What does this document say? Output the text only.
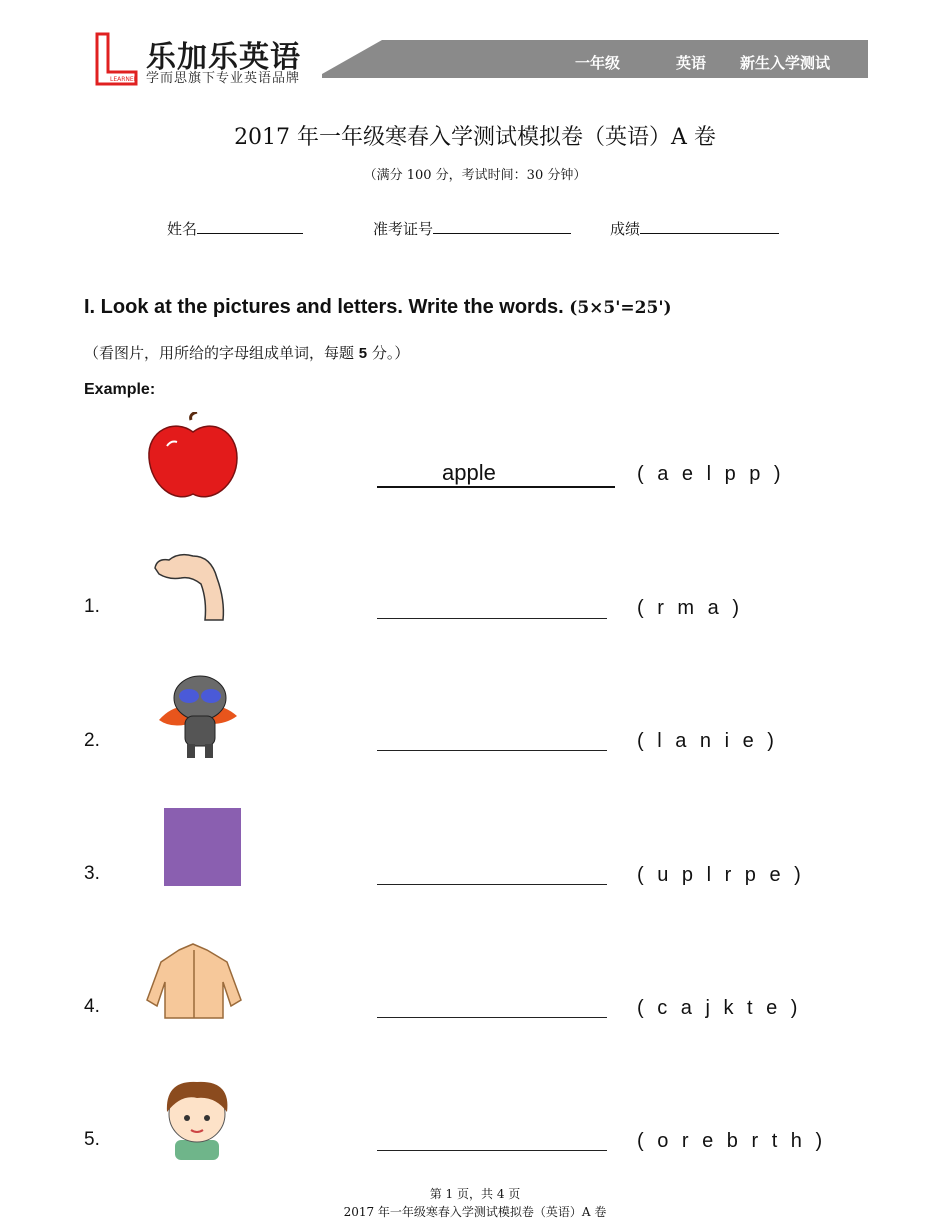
LEARNER
乐加乐英语
学而思旗下专业英语品牌
一年级	英语 新生入学测试
2017 年一年级寒春入学测试模拟卷（英语）A 卷
（满分 100 分，考试时间：30 分钟）
姓名	准考证号	成绩
I. Look at the pictures and letters. Write the words. (5×5'=25')
（看图片，用所给的字母组成单词，每题 5 分。）
Example:
apple	( a e l p p )
1.	( r m a )
2.	( l a n i e )
3.	( u p l r p e )
4.	( c a j k t e )
5.	( o r e b r t h )
第 1 页，共 4 页
2017 年一年级寒春入学测试模拟卷（英语）A 卷
